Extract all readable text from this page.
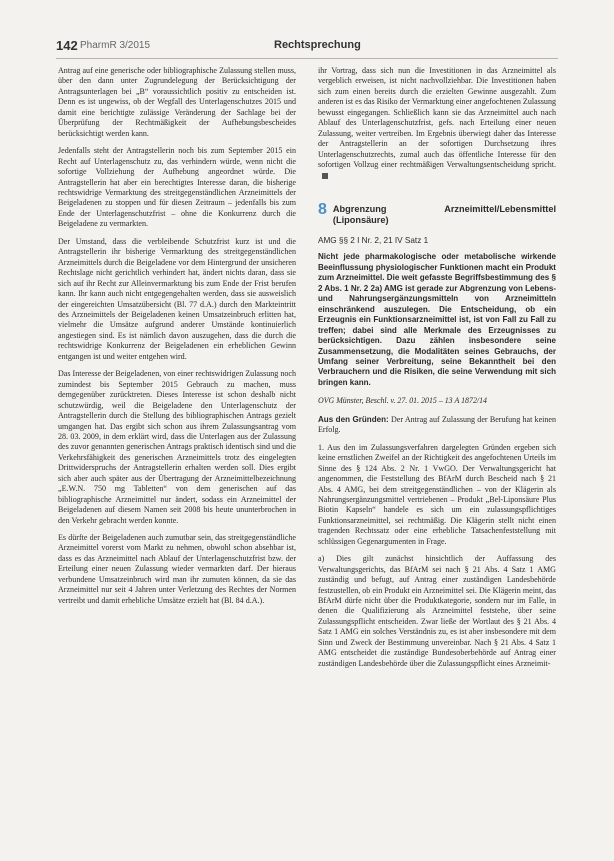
142 PharmR 3/2015	Rechtsprechung

Antrag auf eine generische oder bibliographische Zulassung stellen muss, über den dann unter Zugrundelegung der Berücksichtigung der Antragsunterlagen bei „B“ voraussichtlich positiv zu entscheiden ist. Denn es ist ungewiss, ob der Wegfall des Unterlagenschutzes 2015 und damit eine berichtigte zulässige Veränderung der Sachlage bei der Überprüfung der Rechtmäßigkeit der Aufhebungsbescheides berücksichtigt werden kann.

Jedenfalls steht der Antragstellerin noch bis zum September 2015 ein Recht auf Unterlagenschutz zu, das verhindern würde, wenn nicht die sofortige Vollziehung der Aufhebung angeordnet würde. Die Antragstellerin hat aber ein berechtigtes Interesse daran, die bisherige rechtswidrige Vermarktung des streitgegenständlichen Arzneimittels der Beigeladenen zu stoppen und für diesen Zeitraum – jedenfalls bis zum Ende der Unterlagenschutzfrist – ohne die Konkurrenz durch die Beigeladene zu vermarkten.

Der Umstand, dass die verbleibende Schutzfrist kurz ist und die Antragstellerin ihr bisherige Vermarktung des streitgegenständlichen Arzneimittels durch die Beigeladene vor dem Hintergrund der unsicheren Rechtslage nicht gerichtlich verhindert hat, ändert nichts daran, dass sie sich auf ihr Recht zur Alleinvermarktung bis zum Ende der Frist berufen kann. Ihr kann auch nicht entgegengehalten werden, dass sie ausweislich der eingereichten Umsatzübersicht (Bl. 77 d.A.) durch den Markteintritt des Arzneimittels der Beigeladenen keinen Umsatzeinbruch erlitten hat, vielmehr die Umsätze aufgrund anderer Umstände kontinuierlich angestiegen sind. Es ist nämlich davon auszugehen, dass die durch die rechtswidrige Konkurrenz der Beigeladenen ein erheblichen Gewinn entgangen ist und weiter entgehen wird.

Das Interesse der Beigeladenen, von einer rechtswidrigen Zulassung noch zumindest bis September 2015 Gebrauch zu machen, muss demgegenüber zurücktreten. Dieses Interesse ist schon deshalb nicht schutzwürdig, weil die Beigeladene den Unterlagenschutz der Antragstellerin durch die Stellung des bibliographischen Antrags gezielt umgangen hat. Das ergibt sich schon aus ihrem Zulassungsantrag vom 28. 03. 2009, in dem erklärt wird, dass die Unterlagen aus der Zulassung des zuvor genannten generischen Antrags praktisch identisch sind und die Verkehrsfähigkeit des generischen Arzneimittels trotz des eingelegten Drittwiderspruchs der Antragstellerin erhalten werden soll. Dies ergibt sich aber auch später aus der Übertragung der Arzneimittelbezeichnung „E.W.N. 750 mg Tabletten“ von dem generischen auf das bibliographische Arzneimittel nur ändert, sodass ein Arzneimittel der Beigeladenen auf diesem Namen seit 2008 bis heute ununterbrochen in den Verkehr gebracht werden konnte.

Es dürfte der Beigeladenen auch zumutbar sein, das streitgegenständliche Arzneimittel vorerst vom Markt zu nehmen, obwohl schon absehbar ist, dass es das Arzneimittel nach Ablauf der Unterlagenschutzfrist bzw. der Erteilung einer neuen Zulassung wieder vermarkten darf. Der hieraus verbundene Umsatzeinbruch wird man ihr zumuten können, da sie das Arzneimittel nur seit 4 Jahren unter Verletzung des Rechtes der Normen vertreibt und damit erhebliche Umsätze erzielt hat (Bl. 84 d.A.).

ihr Vortrag, dass sich nun die Investitionen in das Arzneimittel als vergeblich erweisen, ist nicht nachvollziehbar. Die Investitionen haben sich zum einen bereits durch die erzielten Gewinne ausgezahlt. Zum anderen ist es das Risiko der Vermarktung einer angefochtenen Zulassung bewusst eingegangen. Schließlich kann sie das Arzneimittel auch nach Ablauf des Unterlagenschutzfrist, gefs. nach Erteilung einer neuen Zulassung, weiter vertreiben. Im Ergebnis überwiegt daher das Interesse der Antragstellerin an der sofortigen Durchsetzung ihres Unterlagenschutzrechts, zumal auch das öffentliche Interesse für den sofortigen Vollzug einer rechtmäßigen Verwaltungsentscheidung spricht.

8 Abgrenzung Arzneimittel/Lebensmittel (Liponsäure)
AMG §§ 2 I Nr. 2, 21 IV Satz 1
Nicht jede pharmakologische oder metabolische wirkende Beeinflussung physiologischer Funktionen macht ein Produkt zum Arzneimittel. Die weit gefasste Begriffsbestimmung des § 2 Abs. 1 Nr. 2 2a) AMG ist gerade zur Abgrenzung von Lebens- und Nahrungsergänzungsmitteln von Arzneimitteln einschränkend auszulegen. Die Entscheidung, ob ein Erzeugnis ein Funktionsarzneimittel ist, ist von Fall zu Fall zu treffen; dabei sind alle Merkmale des Erzeugnisses zu berücksichtigen. Dazu zählen insbesondere seine Zusammensetzung, die Modalitäten seines Gebrauchs, der Umfang seiner Verbreitung, seine Bekanntheit bei den Verbrauchern und die Risiken, die seine Verwendung mit sich bringen kann.
OVG Münster, Beschl. v. 27. 01. 2015 – 13 A 1872/14

Aus den Gründen: Der Antrag auf Zulassung der Berufung hat keinen Erfolg.

1. Aus den im Zulassungsverfahren dargelegten Gründen ergeben sich keine ernstlichen Zweifel an der Richtigkeit des angefochtenen Urteils im Sinne des § 124 Abs. 2 Nr. 1 VwGO. Der Verwaltungsgericht hat angenommen, die Feststellung des BfArM durch Bescheid nach § 21 Abs. 4 AMG, bei dem streitgegenständlichen – von der Klägerin als Nahrungsergänzungsmittel vertriebenen – Produkt „Bel-Liponsäure Plus Biotin Kapseln“ handele es sich um ein zulassungspflichtiges Funktionsarzneimittel, sei rechtmäßig. Die Klägerin stellt nicht einen tragenden Rechtssatz oder eine erhebliche Tatsachenfeststellung mit schlüssigen Gegenargumenten in Frage.

a) Dies gilt zunächst hinsichtlich der Auffassung des Verwaltungsgerichts, das BfArM sei nach § 21 Abs. 4 Satz 1 AMG zuständig und befugt, auf Antrag einer zuständigen Landesbehörde festzustellen, ob ein Produkt ein Arzneimittel sei. Die Klägerin meint, das BfArM dürfe nicht über die Produktkategorie, sondern nur im Falle, in denen die Qualifizierung als Arzneimittel feststehe, über seine Zulassungspflicht entscheiden. Zwar ließe der Wortlaut des § 21 Abs. 4 Satz 1 AMG ein solches Verständnis zu, es ist aber insbesondere mit dem Sinn und Zweck der Bestimmung unvereinbar. Nach § 21 Abs. 4 Satz 1 AMG entscheidet die zuständige Bundesoberbehörde auf Antrag einer zuständigen Landesbehörde über die Zulassungspflicht eines Arzneimit-
